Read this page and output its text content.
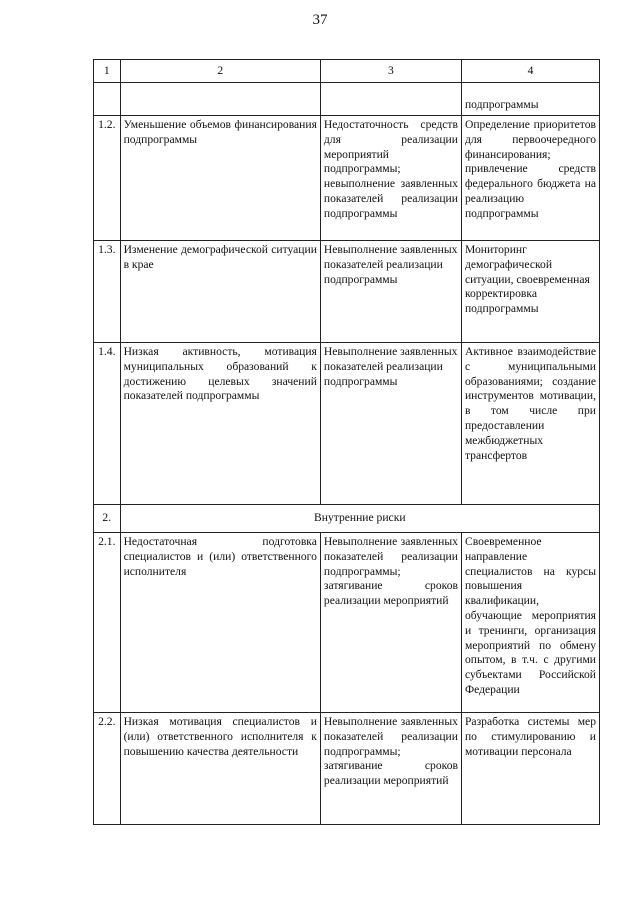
37
1	2	3	4
			подпрограммы
1.2.	Уменьшение объемов финансирования подпрограммы	Недостаточность средств для реализации мероприятий подпрограммы; невыполнение заявленных показателей реализации подпрограммы	Определение приоритетов для первоочередного финансирования; привлечение средств федерального бюджета на реализацию подпрограммы
1.3.	Изменение демографической ситуации в крае	Невыполнение заявленных показателей реализации подпрограммы	Мониторинг демографической ситуации, своевременная корректировка подпрограммы
1.4.	Низкая активность, мотивация муниципальных образований к достижению целевых значений показателей подпрограммы	Невыполнение заявленных показателей реализации подпрограммы	Активное взаимодействие с муниципальными образованиями; создание инструментов мотивации, в том числе при предоставлении межбюджетных трансфертов
2.	Внутренние риски		
2.1.	Недостаточная подготовка специалистов и (или) ответственного исполнителя	Невыполнение заявленных показателей реализации подпрограммы; затягивание сроков реализации мероприятий	Своевременное направление специалистов на курсы повышения квалификации, обучающие мероприятия и тренинги, организация мероприятий по обмену опытом, в т.ч. с другими субъектами Российской Федерации
2.2.	Низкая мотивация специалистов и (или) ответственного исполнителя к повышению качества деятельности	Невыполнение заявленных показателей реализации подпрограммы; затягивание сроков реализации мероприятий	Разработка системы мер по стимулированию и мотивации персонала
